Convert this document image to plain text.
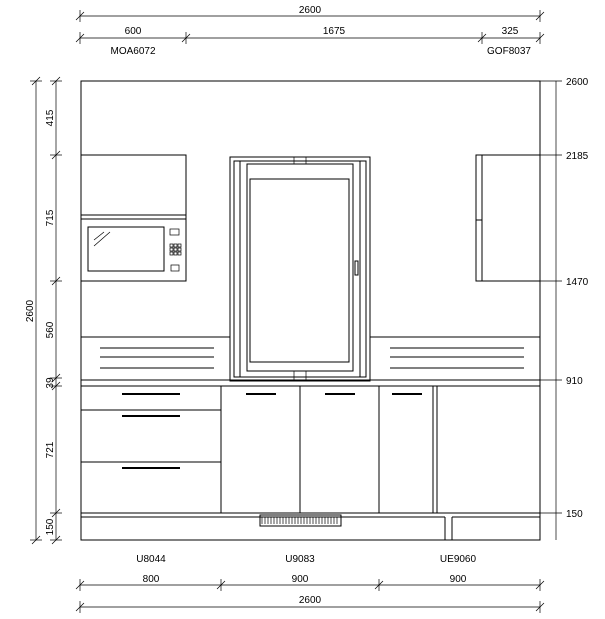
2600
600	1675	325
MOA6072	GOF8037
2600
415
715
560
39
721
150
2600
2185
1470
910
150
U8044	U9083	UE9060
800	900	900
2600
